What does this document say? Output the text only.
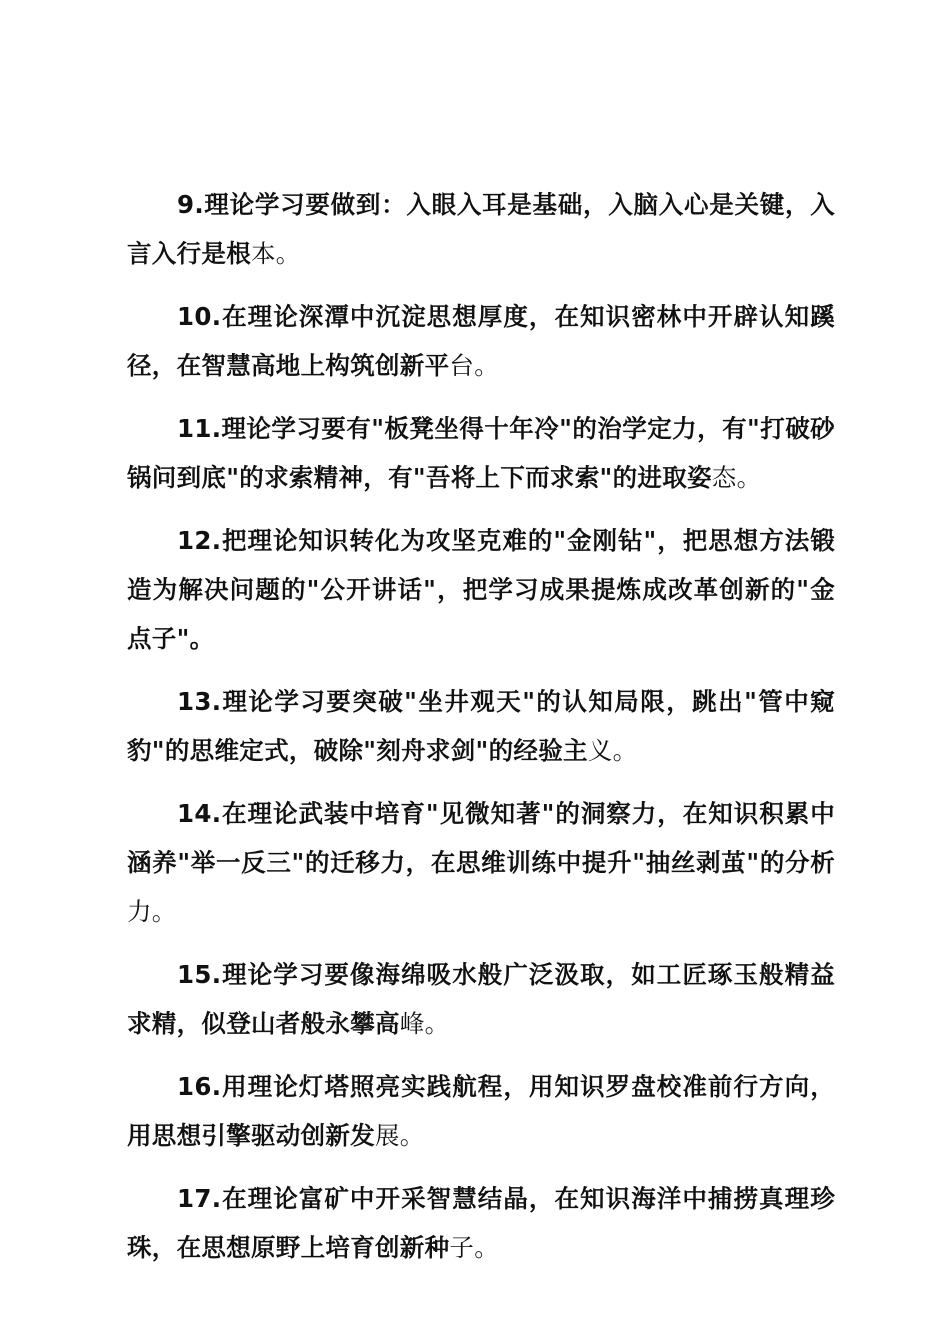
9.理论学习要做到：入眼入耳是基础，入脑入心是关键，入言入行是根本。

10.在理论深潭中沉淀思想厚度，在知识密林中开辟认知蹊径，在智慧高地上构筑创新平台。

11.理论学习要有"板凳坐得十年冷"的治学定力，有"打破砂锅问到底"的求索精神，有"吾将上下而求索"的进取姿态。

12.把理论知识转化为攻坚克难的"金刚钻"，把思想方法锻造为解决问题的"公开讲话"，把学习成果提炼成改革创新的"金点子"。

13.理论学习要突破"坐井观天"的认知局限，跳出"管中窥豹"的思维定式，破除"刻舟求剑"的经验主义。

14.在理论武装中培育"见微知著"的洞察力，在知识积累中涵养"举一反三"的迁移力，在思维训练中提升"抽丝剥茧"的分析力。

15.理论学习要像海绵吸水般广泛汲取，如工匠琢玉般精益求精，似登山者般永攀高峰。

16.用理论灯塔照亮实践航程，用知识罗盘校准前行方向，用思想引擎驱动创新发展。

17.在理论富矿中开采智慧结晶，在知识海洋中捕捞真理珍珠，在思想原野上培育创新种子。
